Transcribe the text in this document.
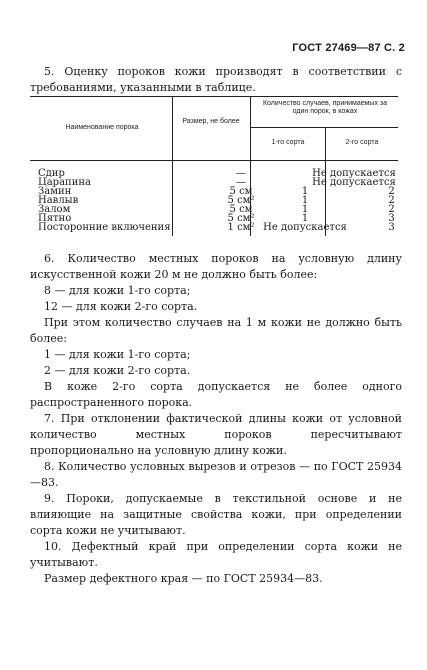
ГОСТ 27469—87 С. 2
5. Оценку пороков кожи производят в соответствии с требованиями, указанными в таблице.
Наименование порока
Размер, не более
Количество случаев, принимаемых за один порок, в кожах
1-го сорта	2-го сорта
Сдир	—	Не допускается
Царапина	—	Не допускается
Замин	5 см	1	2
Навлыв	5 см²	1	2
Залом	5 см	1	2
Пятно	5 см²	1	3
Посторонние включения	1 см² Не допускается	3
6. Количество местных пороков на условную длину искусственной кожи 20 м не должно быть более:
8 — для кожи 1-го сорта;
12 — для кожи 2-го сорта.
При этом количество случаев на 1 м кожи не должно быть более:
1 — для кожи 1-го сорта;
2 — для кожи 2-го сорта.
В коже 2-го сорта допускается не более одного распространенного порока.
7. При отклонении фактической длины кожи от условной количество местных пороков пересчитывают пропорционально на условную длину кожи.
8. Количество условных вырезов и отрезов — по ГОСТ 25934—83.
9. Пороки, допускаемые в текстильной основе и не влияющие на защитные свойства кожи, при определении сорта кожи не учитывают.
10. Дефектный край при определении сорта кожи не учитывают.
Размер дефектного края — по ГОСТ 25934—83.
